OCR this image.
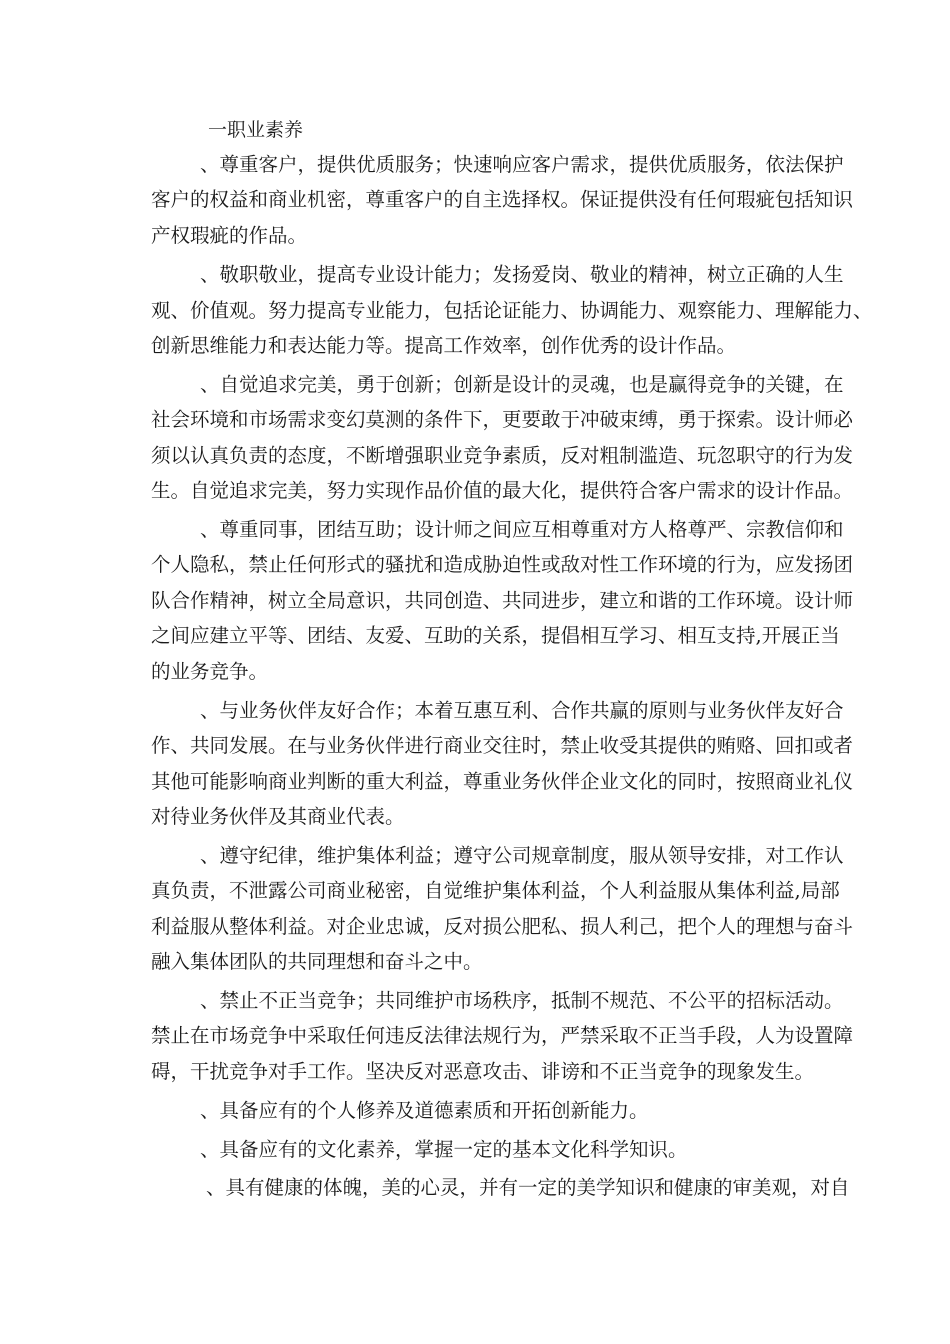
一职业素养
、尊重客户，提供优质服务；快速响应客户需求，提供优质服务，依法保护
客户的权益和商业机密，尊重客户的自主选择权。保证提供没有任何瑕疵包括知识
产权瑕疵的作品。
、敬职敬业，提高专业设计能力；发扬爱岗、敬业的精神，树立正确的人生
观、价值观。努力提高专业能力，包括论证能力、协调能力、观察能力、理解能力、
创新思维能力和表达能力等。提高工作效率，创作优秀的设计作品。
、自觉追求完美，勇于创新；创新是设计的灵魂，也是赢得竞争的关键，在
社会环境和市场需求变幻莫测的条件下，更要敢于冲破束缚，勇于探索。设计师必
须以认真负责的态度，不断增强职业竞争素质，反对粗制滥造、玩忽职守的行为发
生。自觉追求完美，努力实现作品价值的最大化，提供符合客户需求的设计作品。
、尊重同事，团结互助；设计师之间应互相尊重对方人格尊严、宗教信仰和
个人隐私，禁止任何形式的骚扰和造成胁迫性或敌对性工作环境的行为，应发扬团
队合作精神，树立全局意识，共同创造、共同进步，建立和谐的工作环境。设计师
之间应建立平等、团结、友爱、互助的关系，提倡相互学习、相互支持,开展正当
的业务竞争。
、与业务伙伴友好合作；本着互惠互利、合作共赢的原则与业务伙伴友好合
作、共同发展。在与业务伙伴进行商业交往时，禁止收受其提供的贿赂、回扣或者
其他可能影响商业判断的重大利益，尊重业务伙伴企业文化的同时，按照商业礼仪
对待业务伙伴及其商业代表。
、遵守纪律，维护集体利益；遵守公司规章制度，服从领导安排，对工作认
真负责，不泄露公司商业秘密，自觉维护集体利益，个人利益服从集体利益,局部
利益服从整体利益。对企业忠诚，反对损公肥私、损人利己，把个人的理想与奋斗
融入集体团队的共同理想和奋斗之中。
、禁止不正当竞争；共同维护市场秩序，抵制不规范、不公平的招标活动。
禁止在市场竞争中采取任何违反法律法规行为，严禁采取不正当手段，人为设置障
碍，干扰竞争对手工作。坚决反对恶意攻击、诽谤和不正当竞争的现象发生。
、具备应有的个人修养及道德素质和开拓创新能力。
、具备应有的文化素养，掌握一定的基本文化科学知识。
、具有健康的体魄，美的心灵，并有一定的美学知识和健康的审美观，对自
